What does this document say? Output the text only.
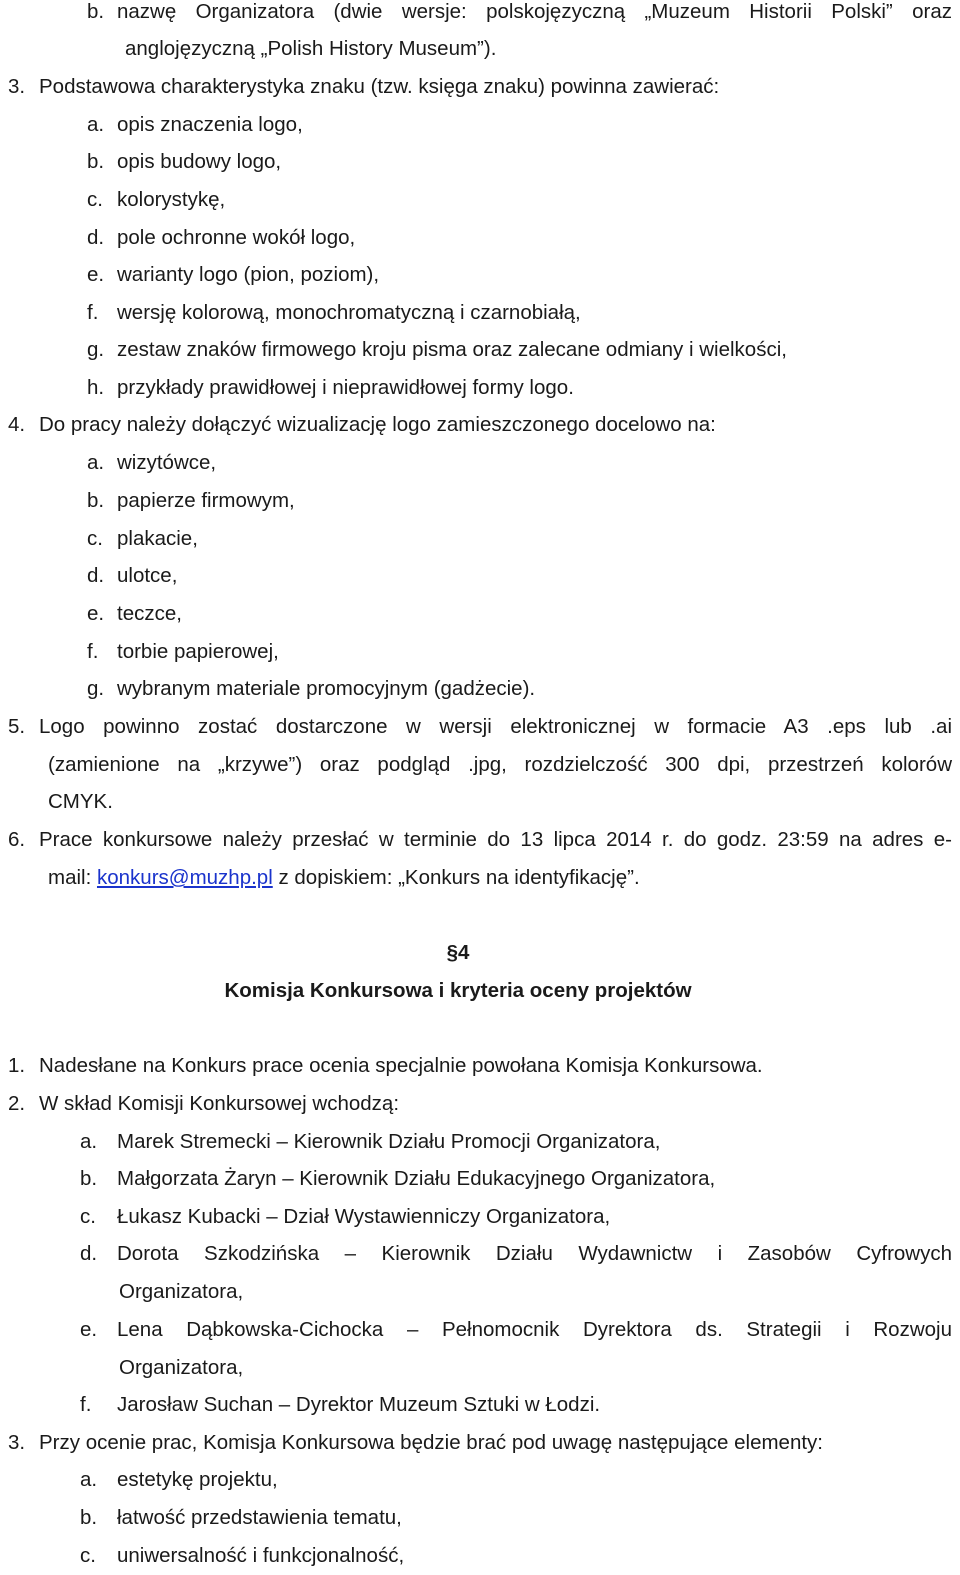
b. nazwę Organizatora (dwie wersje: polskojęzyczną „Muzeum Historii Polski” oraz
anglojęzyczną „Polish History Museum”).
3. Podstawowa charakterystyka znaku (tzw. księga znaku) powinna zawierać:
a. opis znaczenia logo,
b. opis budowy logo,
c. kolorystykę,
d. pole ochronne wokół logo,
e. warianty logo (pion, poziom),
f. wersję kolorową, monochromatyczną i czarnobiałą,
g. zestaw znaków firmowego kroju pisma oraz zalecane odmiany i wielkości,
h. przykłady prawidłowej i nieprawidłowej formy logo.
4. Do pracy należy dołączyć wizualizację logo zamieszczonego docelowo na:
a. wizytówce,
b. papierze firmowym,
c. plakacie,
d. ulotce,
e. teczce,
f. torbie papierowej,
g. wybranym materiale promocyjnym (gadżecie).
5. Logo powinno zostać dostarczone w wersji elektronicznej w formacie A3 .eps lub .ai
(zamienione na „krzywe”) oraz podgląd .jpg, rozdzielczość 300 dpi, przestrzeń kolorów
CMYK.
6. Prace konkursowe należy przesłać w terminie do 13 lipca 2014 r. do godz. 23:59 na adres e-
mail: konkurs@muzhp.pl z dopiskiem: „Konkurs na identyfikację”.
§4
Komisja Konkursowa i kryteria oceny projektów
1. Nadesłane na Konkurs prace ocenia specjalnie powołana Komisja Konkursowa.
2. W skład Komisji Konkursowej wchodzą:
a. Marek Stremecki – Kierownik Działu Promocji Organizatora,
b. Małgorzata Żaryn – Kierownik Działu Edukacyjnego Organizatora,
c. Łukasz Kubacki – Dział Wystawienniczy Organizatora,
d. Dorota Szkodzińska – Kierownik Działu Wydawnictw i Zasobów Cyfrowych
Organizatora,
e. Lena Dąbkowska-Cichocka – Pełnomocnik Dyrektora ds. Strategii i Rozwoju
Organizatora,
f. Jarosław Suchan – Dyrektor Muzeum Sztuki w Łodzi.
3. Przy ocenie prac, Komisja Konkursowa będzie brać pod uwagę następujące elementy:
a. estetykę projektu,
b. łatwość przedstawienia tematu,
c. uniwersalność i funkcjonalność,
